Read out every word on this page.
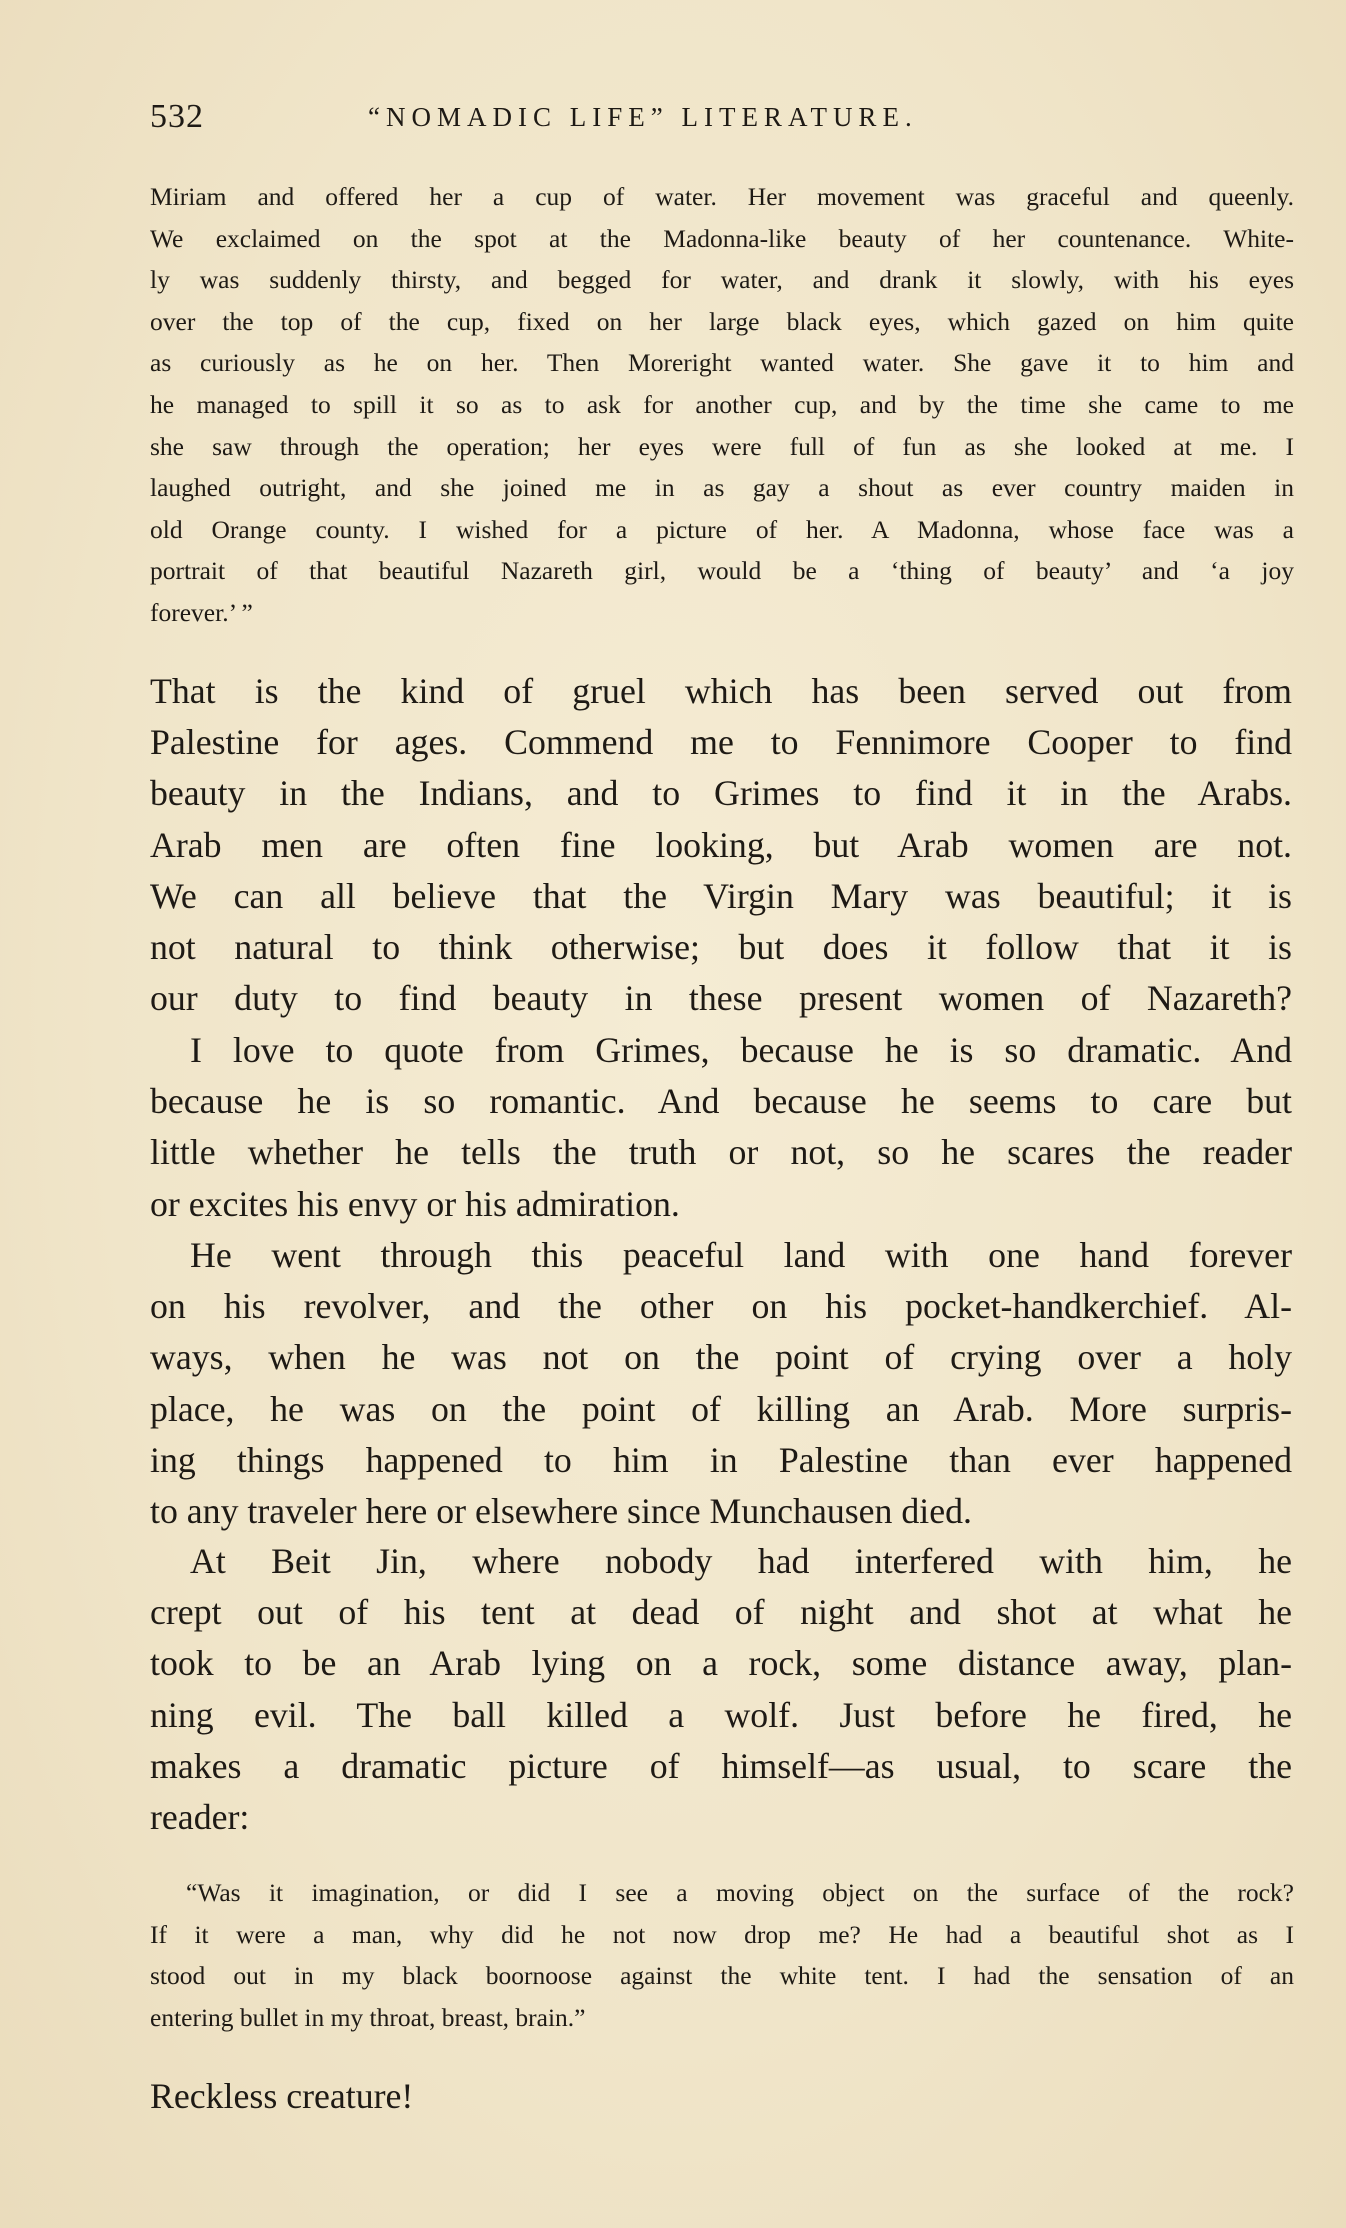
532	“NOMADIC LIFE” LITERATURE.
Miriam and offered her a cup of water. Her movement was graceful and queenly.
We exclaimed on the spot at the Madonna-like beauty of her countenance. White-
ly was suddenly thirsty, and begged for water, and drank it slowly, with his eyes
over the top of the cup, fixed on her large black eyes, which gazed on him quite
as curiously as he on her. Then Moreright wanted water. She gave it to him and
he managed to spill it so as to ask for another cup, and by the time she came to me
she saw through the operation; her eyes were full of fun as she looked at me. I
laughed outright, and she joined me in as gay a shout as ever country maiden in
old Orange county. I wished for a picture of her. A Madonna, whose face was a
portrait of that beautiful Nazareth girl, would be a ‘thing of beauty’ and ‘a joy
forever.’ ”
That is the kind of gruel which has been served out from
Palestine for ages. Commend me to Fennimore Cooper to find
beauty in the Indians, and to Grimes to find it in the Arabs.
Arab men are often fine looking, but Arab women are not.
We can all believe that the Virgin Mary was beautiful; it is
not natural to think otherwise; but does it follow that it is
our duty to find beauty in these present women of Nazareth?
I love to quote from Grimes, because he is so dramatic. And
because he is so romantic. And because he seems to care but
little whether he tells the truth or not, so he scares the reader
or excites his envy or his admiration.
He went through this peaceful land with one hand forever
on his revolver, and the other on his pocket-handkerchief. Al-
ways, when he was not on the point of crying over a holy
place, he was on the point of killing an Arab. More surpris-
ing things happened to him in Palestine than ever happened
to any traveler here or elsewhere since Munchausen died.
At Beit Jin, where nobody had interfered with him, he
crept out of his tent at dead of night and shot at what he
took to be an Arab lying on a rock, some distance away, plan-
ning evil. The ball killed a wolf. Just before he fired, he
makes a dramatic picture of himself—as usual, to scare the
reader:
“Was it imagination, or did I see a moving object on the surface of the rock?
If it were a man, why did he not now drop me? He had a beautiful shot as I
stood out in my black boornoose against the white tent. I had the sensation of an
entering bullet in my throat, breast, brain.”
Reckless creature!
